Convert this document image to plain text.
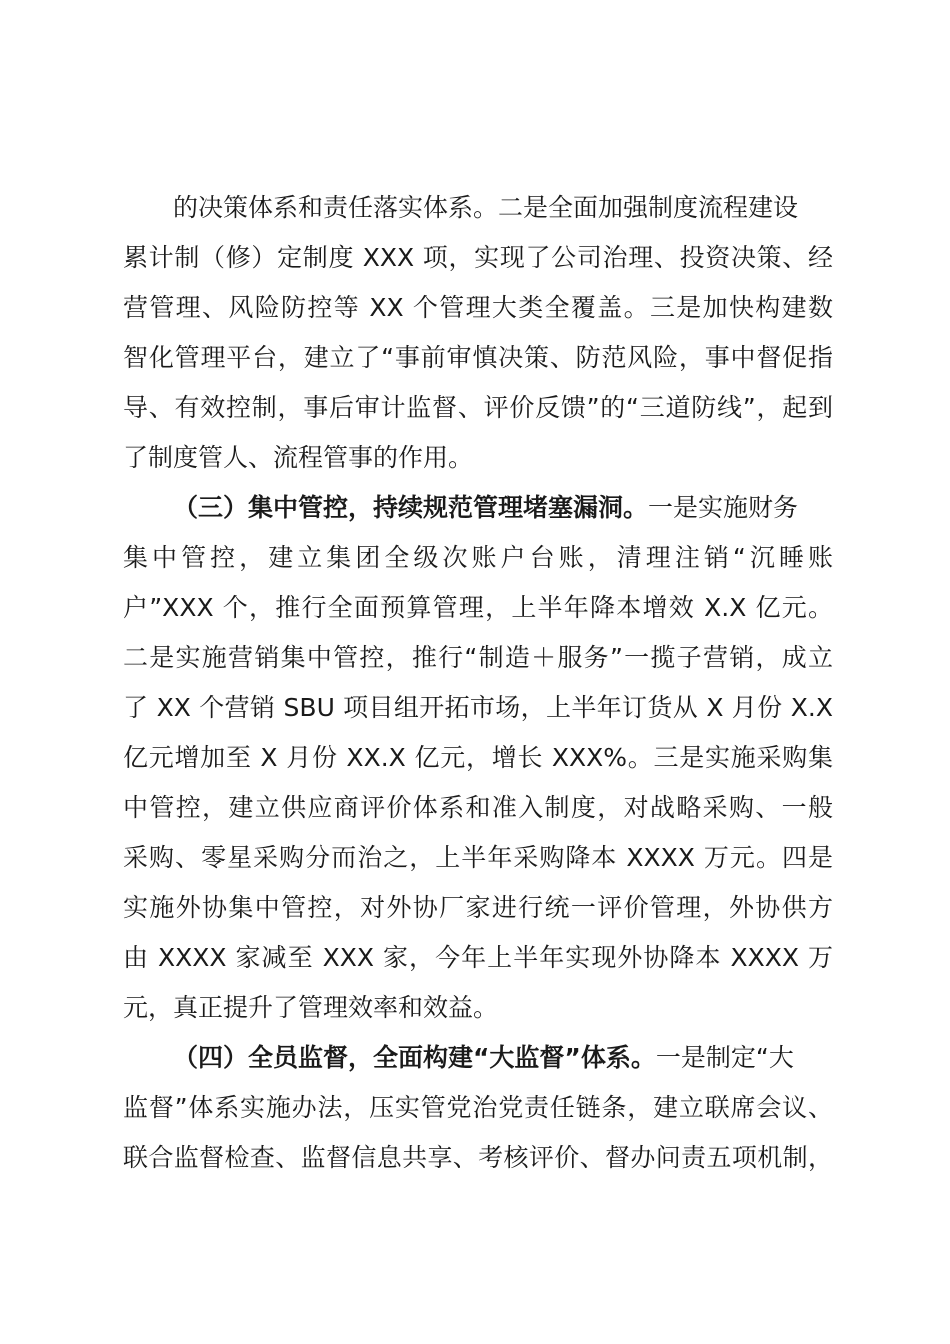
的决策体系和责任落实体系。二是全面加强制度流程建设
累计制（修）定制度 XXX 项，实现了公司治理、投资决策、经
营管理、风险防控等 XX 个管理大类全覆盖。三是加快构建数
智化管理平台，建立了“事前审慎决策、防范风险，事中督促指
导、有效控制，事后审计监督、评价反馈”的“三道防线”，起到
了制度管人、流程管事的作用。
（三）集中管控，持续规范管理堵塞漏洞。一是实施财务
集中管控，建立集团全级次账户台账，清理注销“沉睡账
户”XXX 个，推行全面预算管理，上半年降本增效 X.X 亿元。
二是实施营销集中管控，推行“制造＋服务”一揽子营销，成立
了 XX 个营销 SBU 项目组开拓市场，上半年订货从 X 月份 X.X
亿元增加至 X 月份 XX.X 亿元，增长 XXX%。三是实施采购集
中管控，建立供应商评价体系和准入制度，对战略采购、一般
采购、零星采购分而治之，上半年采购降本 XXXX 万元。四是
实施外协集中管控，对外协厂家进行统一评价管理，外协供方
由 XXXX 家减至 XXX 家，今年上半年实现外协降本 XXXX 万
元，真正提升了管理效率和效益。
（四）全员监督，全面构建“大监督”体系。一是制定“大
监督”体系实施办法，压实管党治党责任链条，建立联席会议、
联合监督检查、监督信息共享、考核评价、督办问责五项机制，
